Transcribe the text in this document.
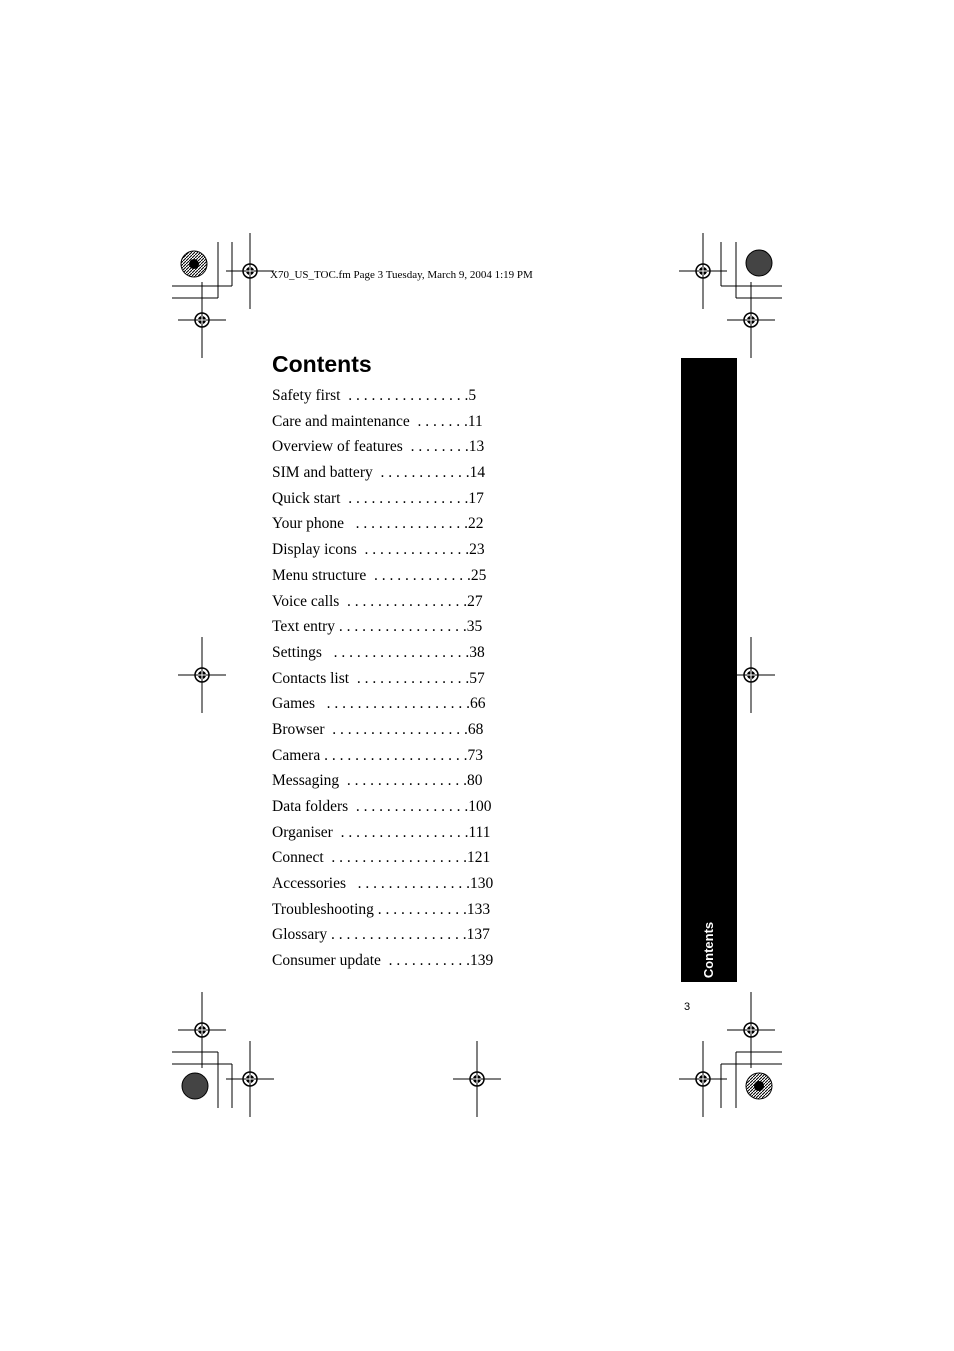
X70_US_TOC.fm Page 3 Tuesday, March 9, 2004 1:19 PM
Contents
Safety first  . . . . . . . . . . . . . . . .5
Care and maintenance  . . . . . . .11
Overview of features  . . . . . . . .13
SIM and battery  . . . . . . . . . . . .14
Quick start  . . . . . . . . . . . . . . . .17
Your phone   . . . . . . . . . . . . . . .22
Display icons  . . . . . . . . . . . . . .23
Menu structure  . . . . . . . . . . . . .25
Voice calls  . . . . . . . . . . . . . . . .27
Text entry . . . . . . . . . . . . . . . . .35
Settings   . . . . . . . . . . . . . . . . . .38
Contacts list  . . . . . . . . . . . . . . .57
Games   . . . . . . . . . . . . . . . . . . .66
Browser  . . . . . . . . . . . . . . . . . .68
Camera . . . . . . . . . . . . . . . . . . .73
Messaging  . . . . . . . . . . . . . . . .80
Data folders  . . . . . . . . . . . . . . .100
Organiser  . . . . . . . . . . . . . . . . .111
Connect  . . . . . . . . . . . . . . . . . .121
Accessories   . . . . . . . . . . . . . . .130
Troubleshooting . . . . . . . . . . . .133
Glossary . . . . . . . . . . . . . . . . . .137
Consumer update  . . . . . . . . . . .139	Contents
3
